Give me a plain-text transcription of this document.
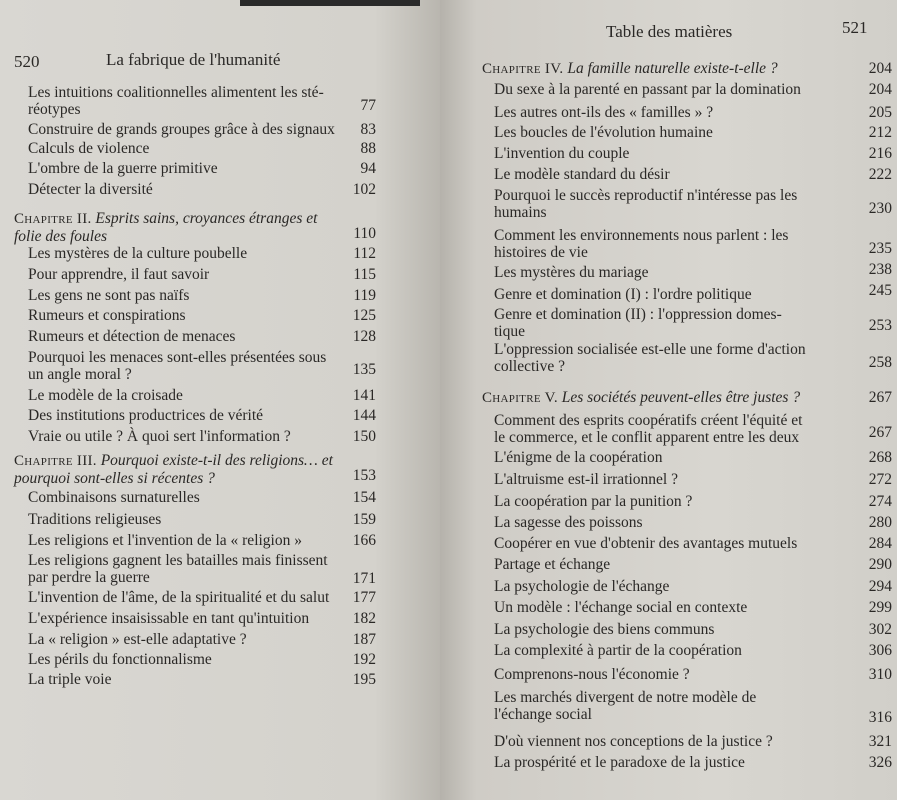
520	La fabrique de l'humanité
Les intuitions coalitionnelles alimentent les sté-
réotypes	77
Construire de grands groupes grâce à des signaux	83
Calculs de violence	88
L'ombre de la guerre primitive	94
Détecter la diversité	102
Chapitre II. Esprits sains, croyances étranges et
folie des foules	110
Les mystères de la culture poubelle	112
Pour apprendre, il faut savoir	115
Les gens ne sont pas naïfs	119
Rumeurs et conspirations	125
Rumeurs et détection de menaces	128
Pourquoi les menaces sont-elles présentées sous
un angle moral ?	135
Le modèle de la croisade	141
Des institutions productrices de vérité	144
Vraie ou utile ? À quoi sert l'information ?	150
Chapitre III. Pourquoi existe-t-il des religions… et
pourquoi sont-elles si récentes ?	153
Combinaisons surnaturelles	154
Traditions religieuses	159
Les religions et l'invention de la « religion »	166
Les religions gagnent les batailles mais finissent
par perdre la guerre	171
L'invention de l'âme, de la spiritualité et du salut	177
L'expérience insaisissable en tant qu'intuition	182
La « religion » est-elle adaptative ?	187
Les périls du fonctionnalisme	192
La triple voie	195
Table des matières	521
Chapitre IV. La famille naturelle existe-t-elle ?	204
Du sexe à la parenté en passant par la domination	204
Les autres ont-ils des « familles » ?	205
Les boucles de l'évolution humaine	212
L'invention du couple	216
Le modèle standard du désir	222
Pourquoi le succès reproductif n'intéresse pas les
humains	230
Comment les environnements nous parlent : les
histoires de vie	235
Les mystères du mariage	238
Genre et domination (I) : l'ordre politique	245
Genre et domination (II) : l'oppression domes-
tique	253
L'oppression socialisée est-elle une forme d'action
collective ?	258
Chapitre V. Les sociétés peuvent-elles être justes ?	267
Comment des esprits coopératifs créent l'équité et
le commerce, et le conflit apparent entre les deux	267
L'énigme de la coopération	268
L'altruisme est-il irrationnel ?	272
La coopération par la punition ?	274
La sagesse des poissons	280
Coopérer en vue d'obtenir des avantages mutuels	284
Partage et échange	290
La psychologie de l'échange	294
Un modèle : l'échange social en contexte	299
La psychologie des biens communs	302
La complexité à partir de la coopération	306
Comprenons-nous l'économie ?	310
Les marchés divergent de notre modèle de
l'échange social	316
D'où viennent nos conceptions de la justice ?	321
La prospérité et le paradoxe de la justice	326
